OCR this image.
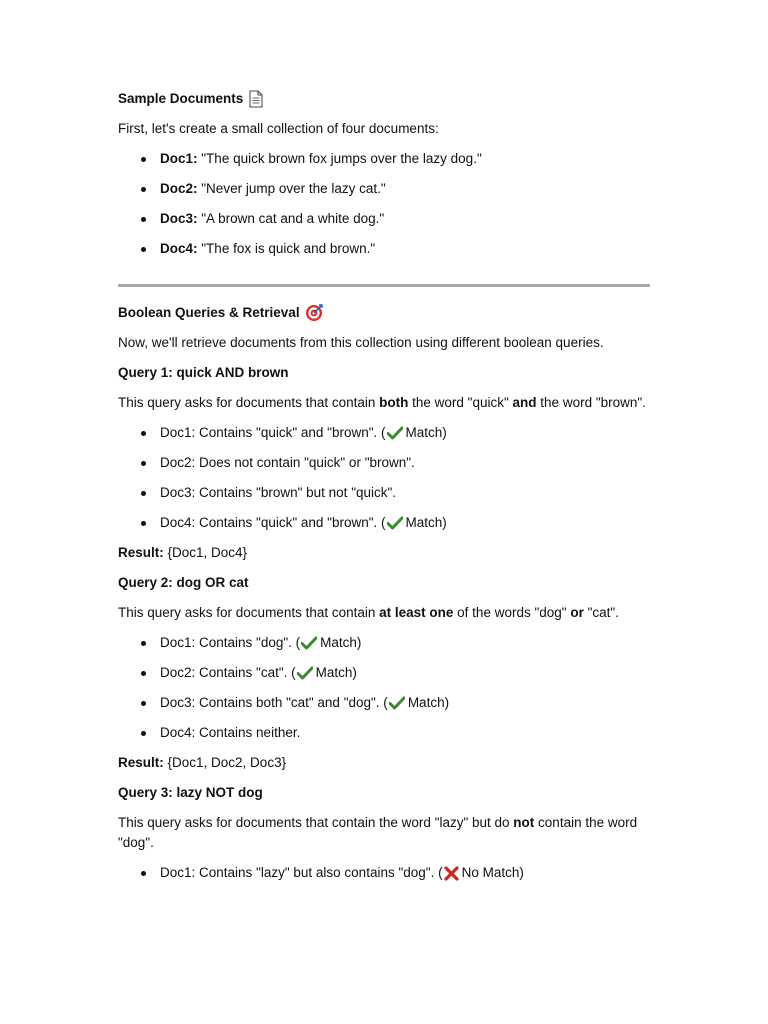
Sample Documents

First, let's create a small collection of four documents:

Doc1: "The quick brown fox jumps over the lazy dog."
Doc2: "Never jump over the lazy cat."
Doc3: "A brown cat and a white dog."
Doc4: "The fox is quick and brown."
Boolean Queries & Retrieval

Now, we'll retrieve documents from this collection using different boolean queries.

Query 1: quick AND brown

This query asks for documents that contain both the word "quick" and the word "brown".

Doc1: Contains "quick" and "brown". ( Match)
Doc2: Does not contain "quick" or "brown".
Doc3: Contains "brown" but not "quick".
Doc4: Contains "quick" and "brown". ( Match)

Result: {Doc1, Doc4}

Query 2: dog OR cat

This query asks for documents that contain at least one of the words "dog" or "cat".

Doc1: Contains "dog". ( Match)
Doc2: Contains "cat". ( Match)
Doc3: Contains both "cat" and "dog". ( Match)
Doc4: Contains neither.

Result: {Doc1, Doc2, Doc3}

Query 3: lazy NOT dog

This query asks for documents that contain the word "lazy" but do not contain the word "dog".

Doc1: Contains "lazy" but also contains "dog". ( No Match)
